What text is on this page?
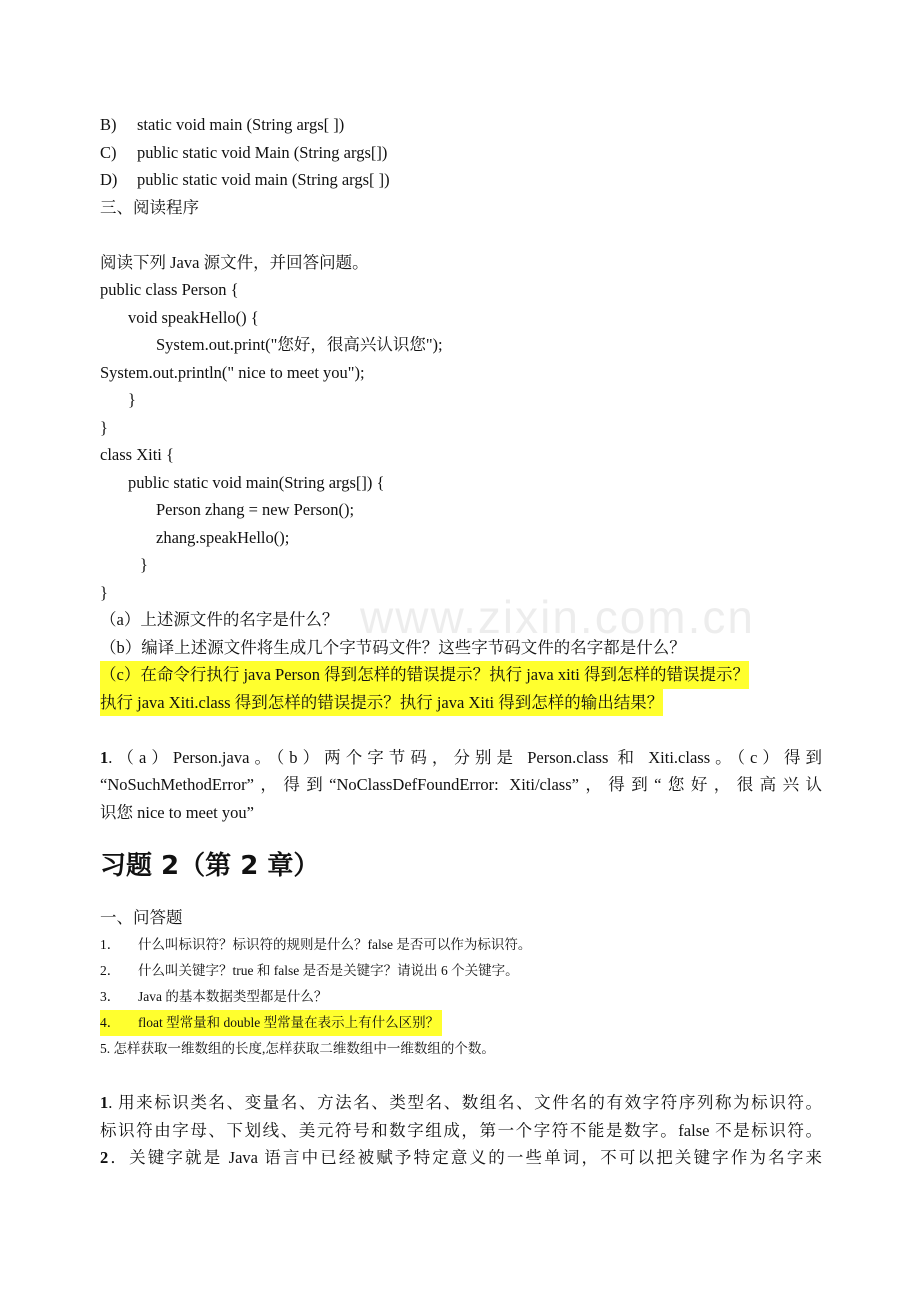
www.zixin.com.cn
B) static void main (String args[ ])
C) public static void Main (String args[])
D) public static void main (String args[ ])
三、阅读程序
阅读下列 Java 源文件，并回答问题。
public class Person {
void speakHello() {
System.out.print("您好，很高兴认识您");
System.out.println(" nice to meet you");
}
}
class Xiti {
public static void main(String args[]) {
Person zhang = new Person();
zhang.speakHello();
}
}
（a）上述源文件的名字是什么？
（b）编译上述源文件将生成几个字节码文件？这些字节码文件的名字都是什么？
（c）在命令行执行 java Person 得到怎样的错误提示？执行 java xiti 得到怎样的错误提示？
执行 java Xiti.class 得到怎样的错误提示？执行 java Xiti 得到怎样的输出结果？
1.（a）Person.java。（b）两个字节码，分别是 Person.class 和 Xiti.class。（c）得到
“NoSuchMethodError”，得到“NoClassDefFoundError: Xiti/class”，得到“您好，很高兴认
识您 nice to meet you”
习题 2（第 2 章）
一、问答题
1． 什么叫标识符？标识符的规则是什么？false 是否可以作为标识符。
2． 什么叫关键字？true 和 false 是否是关键字？请说出 6 个关键字。
3． Java 的基本数据类型都是什么？
4． float 型常量和 double 型常量在表示上有什么区别？
5. 怎样获取一维数组的长度,怎样获取二维数组中一维数组的个数。
1. 用来标识类名、变量名、方法名、类型名、数组名、文件名的有效字符序列称为标识符。
标识符由字母、下划线、美元符号和数字组成，第一个字符不能是数字。false 不是标识符。
2．关键字就是 Java 语言中已经被赋予特定意义的一些单词，不可以把关键字作为名字来
